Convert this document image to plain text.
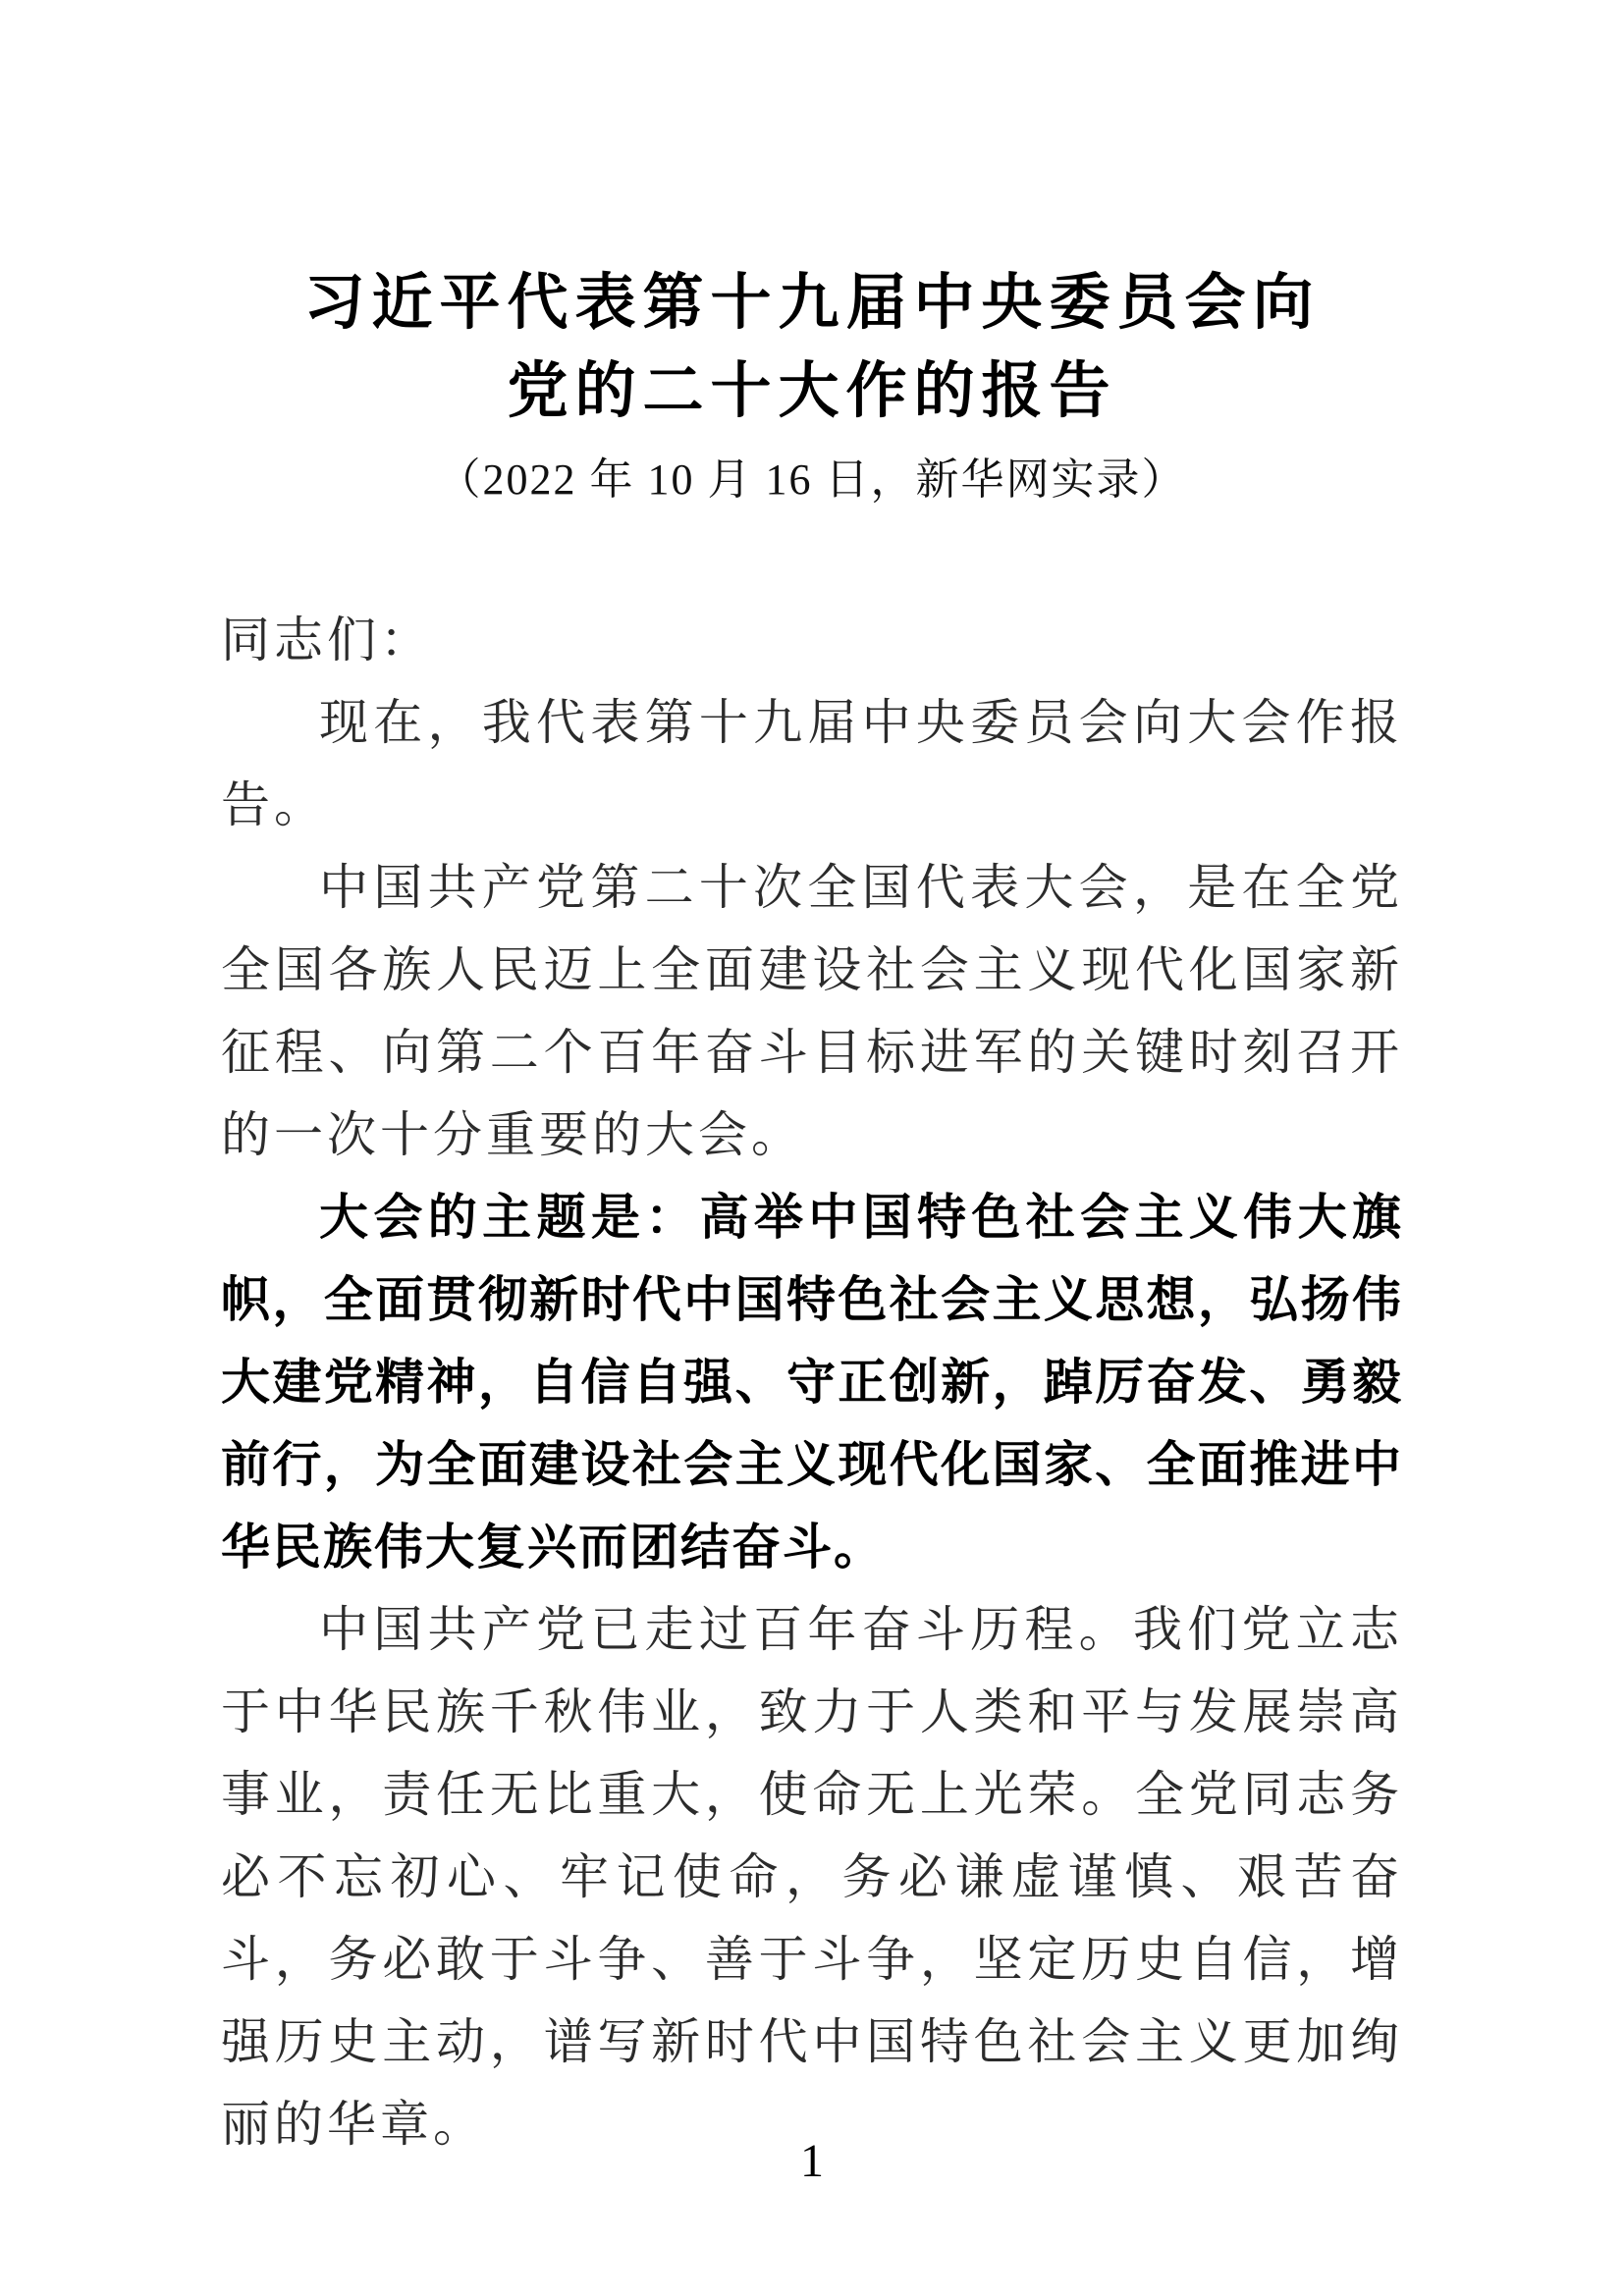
习近平代表第十九届中央委员会向
党的二十大作的报告
（2022 年 10 月 16 日，新华网实录）

同志们：

现在，我代表第十九届中央委员会向大会作报告。

中国共产党第二十次全国代表大会，是在全党全国各族人民迈上全面建设社会主义现代化国家新征程、向第二个百年奋斗目标进军的关键时刻召开的一次十分重要的大会。

大会的主题是：高举中国特色社会主义伟大旗帜，全面贯彻新时代中国特色社会主义思想，弘扬伟大建党精神，自信自强、守正创新，踔厉奋发、勇毅前行，为全面建设社会主义现代化国家、全面推进中华民族伟大复兴而团结奋斗。

中国共产党已走过百年奋斗历程。我们党立志于中华民族千秋伟业，致力于人类和平与发展崇高事业，责任无比重大，使命无上光荣。全党同志务必不忘初心、牢记使命，务必谦虚谨慎、艰苦奋斗，务必敢于斗争、善于斗争，坚定历史自信，增强历史主动，谱写新时代中国特色社会主义更加绚丽的华章。

1
